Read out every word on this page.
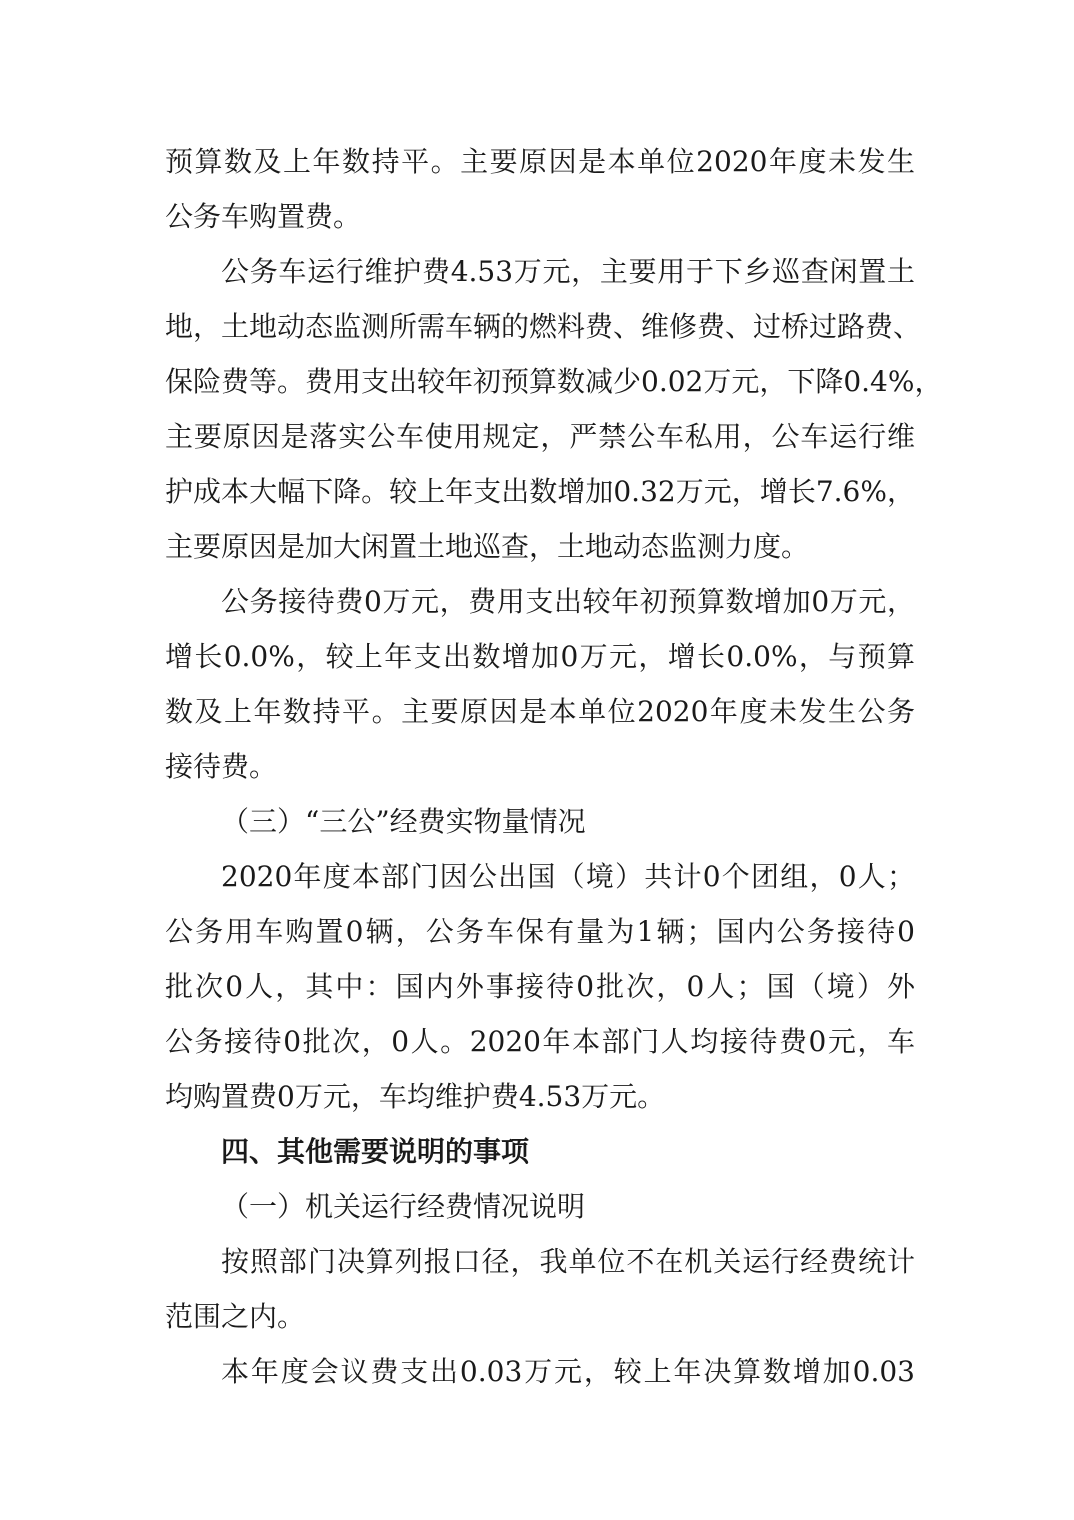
预算数及上年数持平。主要原因是本单位2020年度未发生
公务车购置费。
公务车运行维护费4.53万元，主要用于下乡巡查闲置土
地，土地动态监测所需车辆的燃料费、维修费、过桥过路费、
保险费等。费用支出较年初预算数减少0.02万元，下降0.4%，
主要原因是落实公车使用规定，严禁公车私用，公车运行维
护成本大幅下降。较上年支出数增加0.32万元，增长7.6%，
主要原因是加大闲置土地巡查，土地动态监测力度。
公务接待费0万元，费用支出较年初预算数增加0万元，
增长0.0%，较上年支出数增加0万元，增长0.0%，与预算
数及上年数持平。主要原因是本单位2020年度未发生公务
接待费。
（三）“三公”经费实物量情况
2020年度本部门因公出国（境）共计0个团组，0人；
公务用车购置0辆，公务车保有量为1辆；国内公务接待0
批次0人，其中：国内外事接待0批次，0人；国（境）外
公务接待0批次，0人。2020年本部门人均接待费0元，车
均购置费0万元，车均维护费4.53万元。
四、其他需要说明的事项
（一）机关运行经费情况说明
按照部门决算列报口径，我单位不在机关运行经费统计
范围之内。
本年度会议费支出0.03万元，较上年决算数增加0.03
